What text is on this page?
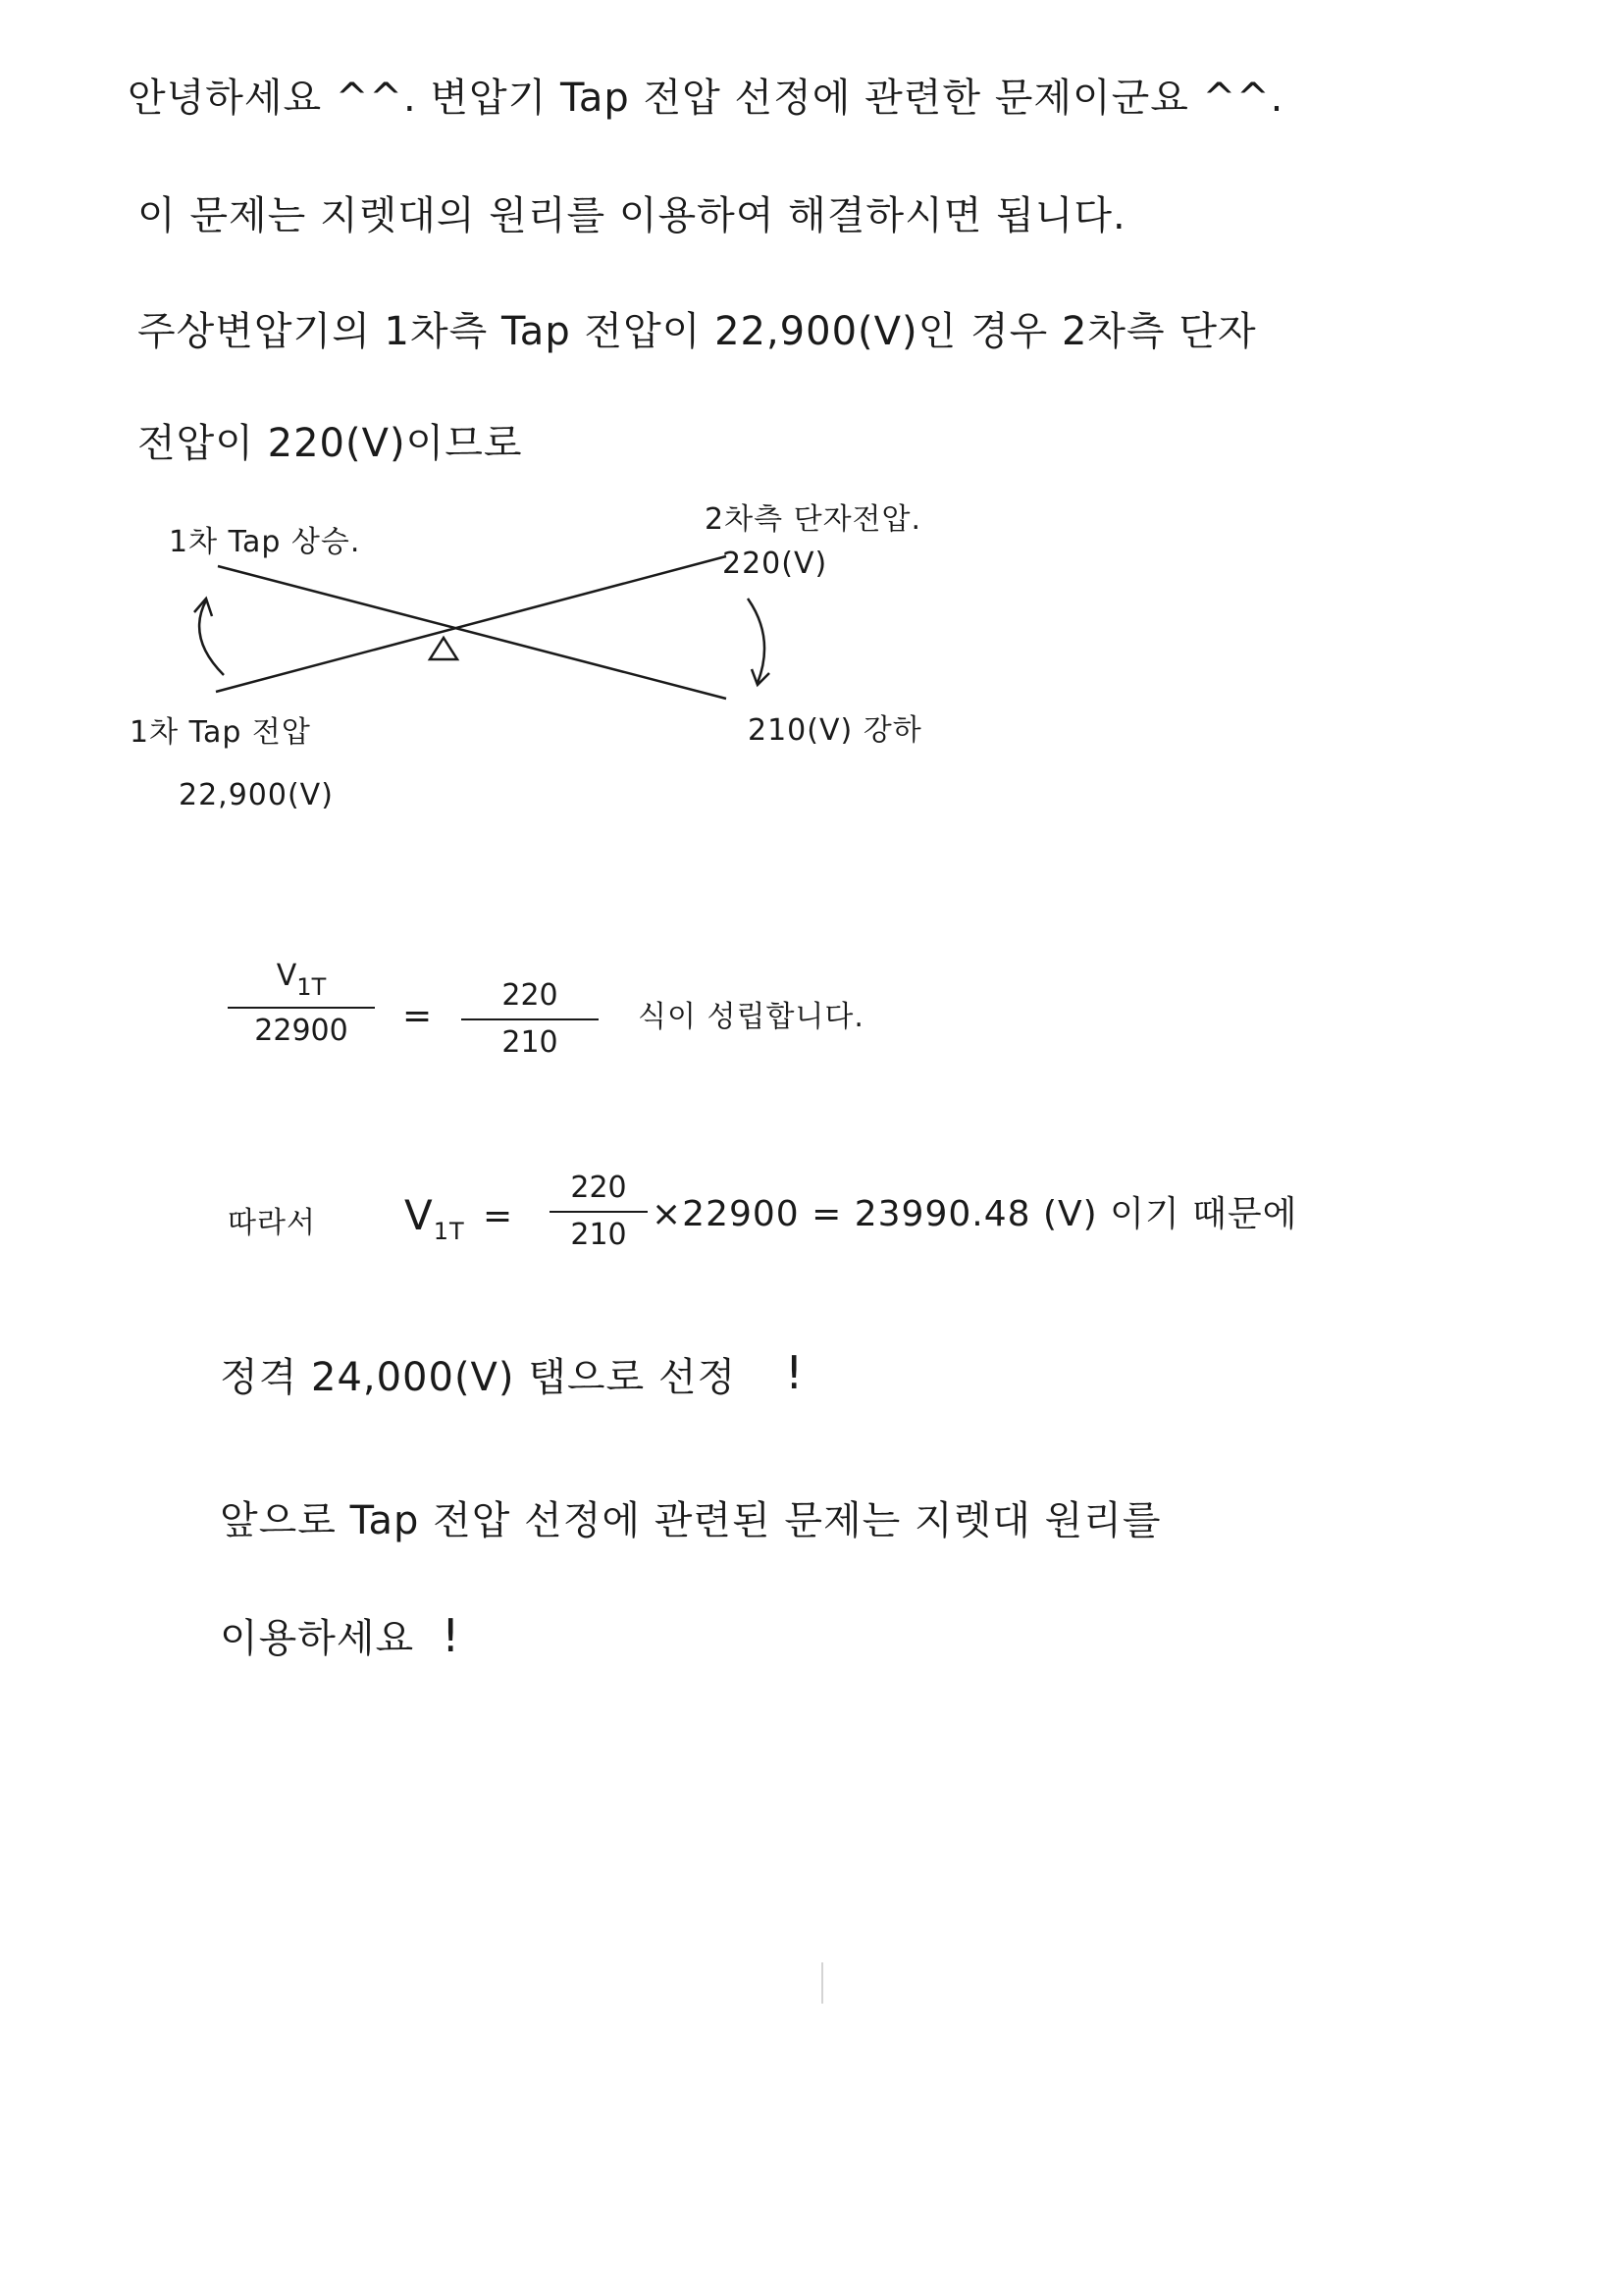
안녕하세요 ^^. 변압기 Tap 전압 선정에 관련한 문제이군요 ^^.
이 문제는 지렛대의 원리를 이용하여 해결하시면 됩니다.
주상변압기의 1차측 Tap 전압이 22,900(V)인 경우 2차측 단자
전압이 220(V)이므로
1차 Tap 상승.
2차측 단자전압.
220(V)
1차 Tap 전압
22,900(V)
210(V) 강하
$V_{1T}$
22900	=
220
210
식이 성립합니다.
따라서 $V_{1T}$ =
220
210
×22900 = 23990.48 (V) 이기 때문에
정격 24,000(V) 탭으로 선정 !
앞으로 Tap 전압 선정에 관련된 문제는 지렛대 원리를
이용하세요 !
